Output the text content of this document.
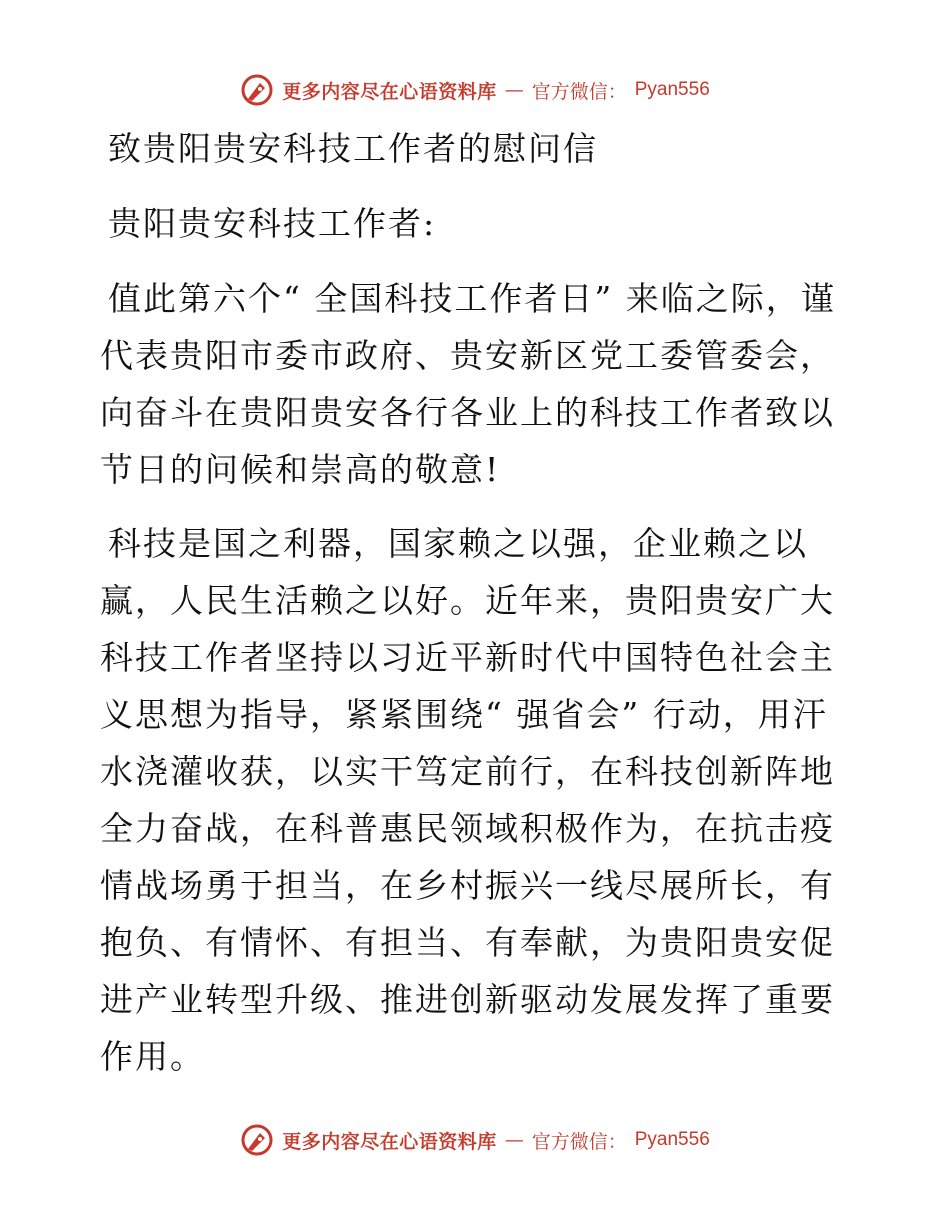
更多内容尽在心语资料库 — 官方微信： Pyan556

致贵阳贵安科技工作者的慰问信

贵阳贵安科技工作者:

值此第六个“ 全国科技工作者日” 来临之际，谨代表贵阳市委市政府、贵安新区党工委管委会，向奋斗在贵阳贵安各行各业上的科技工作者致以节日的问候和崇高的敬意!

科技是国之利器，国家赖之以强，企业赖之以赢，人民生活赖之以好。近年来，贵阳贵安广大科技工作者坚持以习近平新时代中国特色社会主义思想为指导，紧紧围绕“ 强省会” 行动，用汗水浇灌收获，以实干笃定前行，在科技创新阵地全力奋战，在科普惠民领域积极作为，在抗击疫情战场勇于担当，在乡村振兴一线尽展所长，有抱负、有情怀、有担当、有奉献，为贵阳贵安促进产业转型升级、推进创新驱动发展发挥了重要作用。

更多内容尽在心语资料库 — 官方微信： Pyan556
